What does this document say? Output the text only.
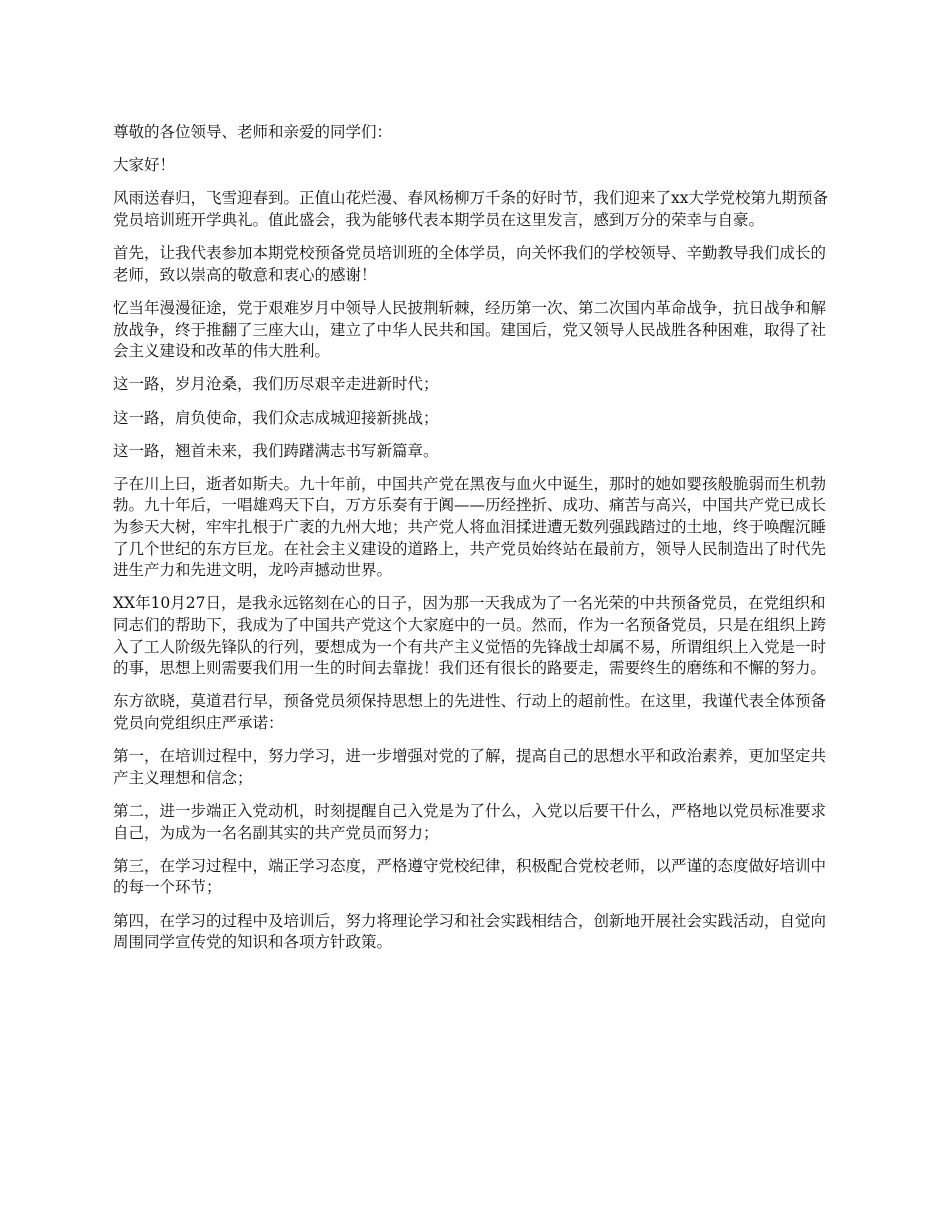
尊敬的各位领导、老师和亲爱的同学们：

大家好！

风雨送春归，飞雪迎春到。正值山花烂漫、春风杨柳万千条的好时节，我们迎来了xx大学党校第九期预备党员培训班开学典礼。值此盛会，我为能够代表本期学员在这里发言，感到万分的荣幸与自豪。

首先，让我代表参加本期党校预备党员培训班的全体学员，向关怀我们的学校领导、辛勤教导我们成长的老师，致以崇高的敬意和衷心的感谢！

忆当年漫漫征途，党于艰难岁月中领导人民披荆斩棘，经历第一次、第二次国内革命战争，抗日战争和解放战争，终于推翻了三座大山，建立了中华人民共和国。建国后，党又领导人民战胜各种困难，取得了社会主义建设和改革的伟大胜利。

这一路，岁月沧桑，我们历尽艰辛走进新时代；

这一路，肩负使命，我们众志成城迎接新挑战；

这一路，翘首未来，我们踌躇满志书写新篇章。

子在川上曰，逝者如斯夫。九十年前，中国共产党在黑夜与血火中诞生，那时的她如婴孩般脆弱而生机勃勃。九十年后，一唱雄鸡天下白，万方乐奏有于阗——历经挫折、成功、痛苦与高兴，中国共产党已成长为参天大树，牢牢扎根于广袤的九州大地；共产党人将血泪揉进遭无数列强践踏过的土地，终于唤醒沉睡了几个世纪的东方巨龙。在社会主义建设的道路上，共产党员始终站在最前方，领导人民制造出了时代先进生产力和先进文明，龙吟声撼动世界。

XX年10月27日，是我永远铭刻在心的日子，因为那一天我成为了一名光荣的中共预备党员，在党组织和同志们的帮助下，我成为了中国共产党这个大家庭中的一员。然而，作为一名预备党员，只是在组织上跨入了工人阶级先锋队的行列，要想成为一个有共产主义觉悟的先锋战士却属不易，所谓组织上入党是一时的事，思想上则需要我们用一生的时间去靠拢！我们还有很长的路要走，需要终生的磨练和不懈的努力。

东方欲晓，莫道君行早，预备党员须保持思想上的先进性、行动上的超前性。在这里，我谨代表全体预备党员向党组织庄严承诺：

第一，在培训过程中，努力学习，进一步增强对党的了解，提高自己的思想水平和政治素养，更加坚定共产主义理想和信念；

第二，进一步端正入党动机，时刻提醒自己入党是为了什么，入党以后要干什么，严格地以党员标准要求自己，为成为一名名副其实的共产党员而努力；

第三，在学习过程中，端正学习态度，严格遵守党校纪律，积极配合党校老师，以严谨的态度做好培训中的每一个环节；

第四，在学习的过程中及培训后，努力将理论学习和社会实践相结合，创新地开展社会实践活动，自觉向周围同学宣传党的知识和各项方针政策。
